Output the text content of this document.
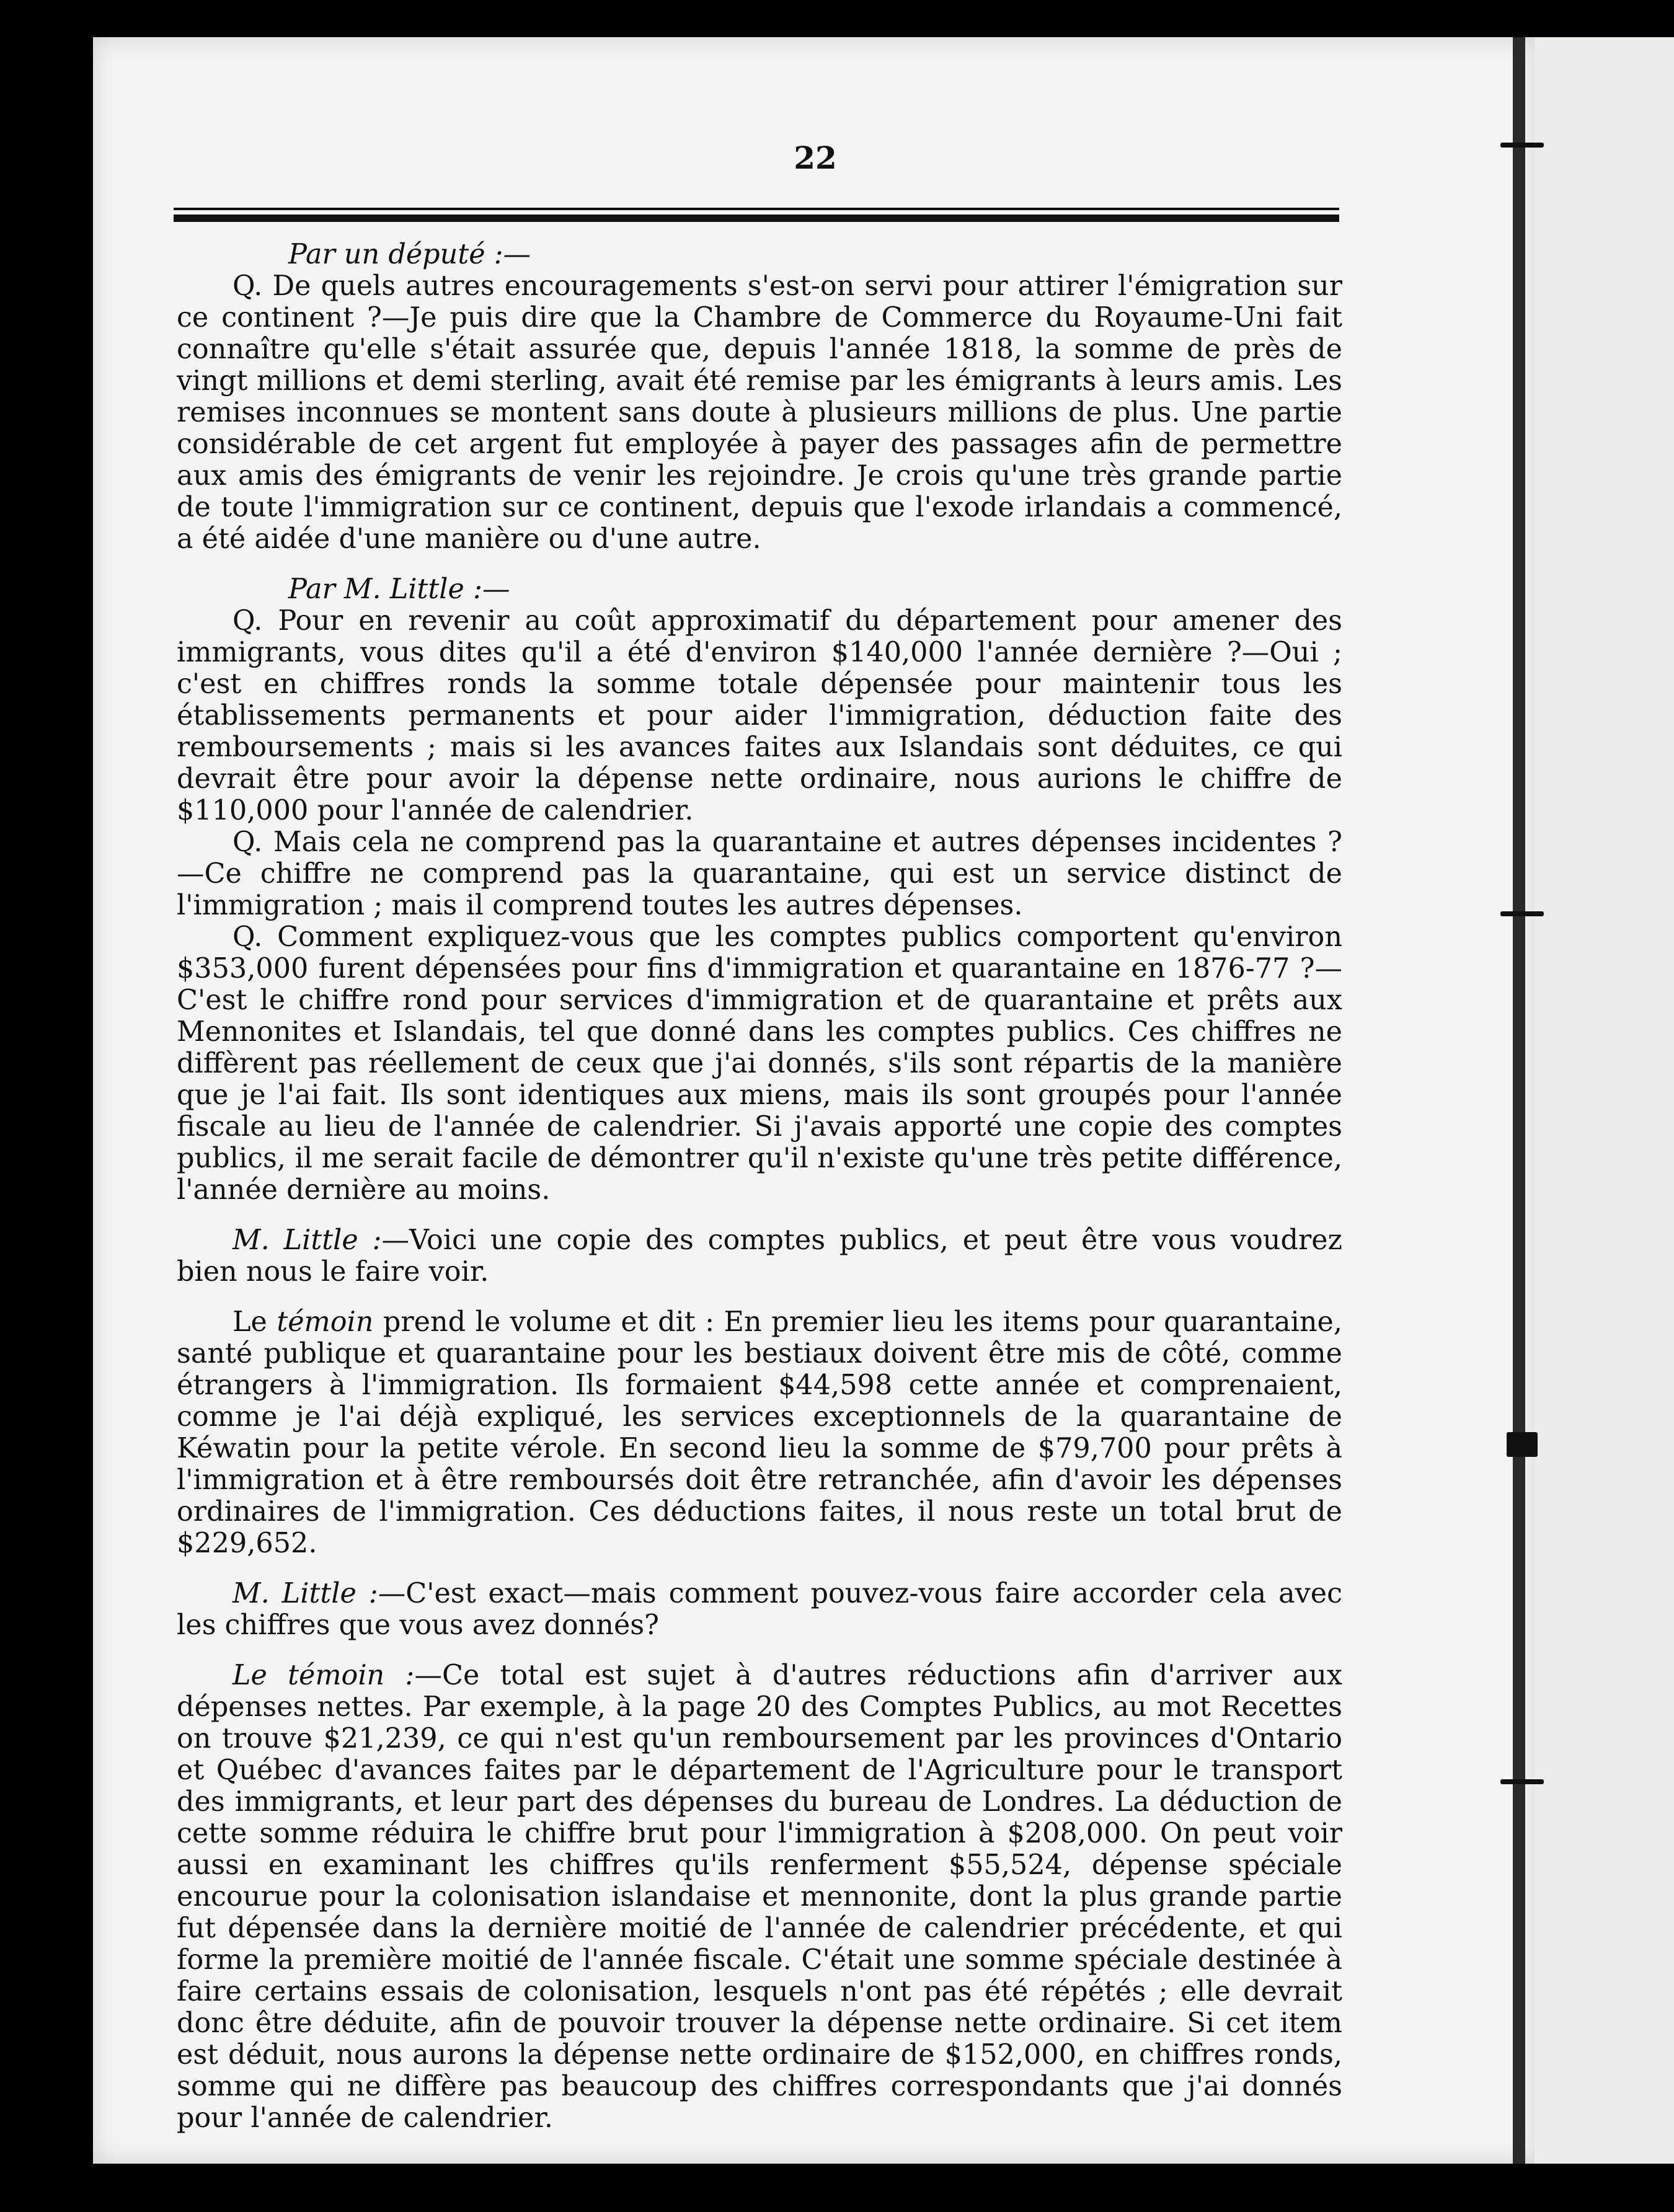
22

Par un député :—

Q. De quels autres encouragements s'est-on servi pour attirer l'émigration sur ce continent ?—Je puis dire que la Chambre de Commerce du Royaume-Uni fait connaître qu'elle s'était assurée que, depuis l'année 1818, la somme de près de vingt millions et demi sterling, avait été remise par les émigrants à leurs amis. Les remises inconnues se montent sans doute à plusieurs millions de plus. Une partie considérable de cet argent fut employée à payer des passages afin de permettre aux amis des émigrants de venir les rejoindre. Je crois qu'une très grande partie de toute l'immigration sur ce continent, depuis que l'exode irlandais a commencé, a été aidée d'une manière ou d'une autre.

Par M. Little :—

Q. Pour en revenir au coût approximatif du département pour amener des immigrants, vous dites qu'il a été d'environ $140,000 l'année dernière ?—Oui ; c'est en chiffres ronds la somme totale dépensée pour maintenir tous les établissements permanents et pour aider l'immigration, déduction faite des remboursements ; mais si les avances faites aux Islandais sont déduites, ce qui devrait être pour avoir la dépense nette ordinaire, nous aurions le chiffre de $110,000 pour l'année de calendrier.

Q. Mais cela ne comprend pas la quarantaine et autres dépenses incidentes ?—Ce chiffre ne comprend pas la quarantaine, qui est un service distinct de l'immigration ; mais il comprend toutes les autres dépenses.

Q. Comment expliquez-vous que les comptes publics comportent qu'environ $353,000 furent dépensées pour fins d'immigration et quarantaine en 1876-77 ?—C'est le chiffre rond pour services d'immigration et de quarantaine et prêts aux Mennonites et Islandais, tel que donné dans les comptes publics. Ces chiffres ne diffèrent pas réellement de ceux que j'ai donnés, s'ils sont répartis de la manière que je l'ai fait. Ils sont identiques aux miens, mais ils sont groupés pour l'année fiscale au lieu de l'année de calendrier. Si j'avais apporté une copie des comptes publics, il me serait facile de démontrer qu'il n'existe qu'une très petite différence, l'année dernière au moins.

M. Little :—Voici une copie des comptes publics, et peut être vous voudrez bien nous le faire voir.

Le témoin prend le volume et dit : En premier lieu les items pour quarantaine, santé publique et quarantaine pour les bestiaux doivent être mis de côté, comme étrangers à l'immigration. Ils formaient $44,598 cette année et comprenaient, comme je l'ai déjà expliqué, les services exceptionnels de la quarantaine de Kéwatin pour la petite vérole. En second lieu la somme de $79,700 pour prêts à l'immigration et à être remboursés doit être retranchée, afin d'avoir les dépenses ordinaires de l'immigration. Ces déductions faites, il nous reste un total brut de $229,652.

M. Little :—C'est exact—mais comment pouvez-vous faire accorder cela avec les chiffres que vous avez donnés?

Le témoin :—Ce total est sujet à d'autres réductions afin d'arriver aux dépenses nettes. Par exemple, à la page 20 des Comptes Publics, au mot Recettes on trouve $21,239, ce qui n'est qu'un remboursement par les provinces d'Ontario et Québec d'avances faites par le département de l'Agriculture pour le transport des immigrants, et leur part des dépenses du bureau de Londres. La déduction de cette somme réduira le chiffre brut pour l'immigration à $208,000. On peut voir aussi en examinant les chiffres qu'ils renferment $55,524, dépense spéciale encourue pour la colonisation islandaise et mennonite, dont la plus grande partie fut dépensée dans la dernière moitié de l'année de calendrier précédente, et qui forme la première moitié de l'année fiscale. C'était une somme spéciale destinée à faire certains essais de colonisation, lesquels n'ont pas été répétés ; elle devrait donc être déduite, afin de pouvoir trouver la dépense nette ordinaire. Si cet item est déduit, nous aurons la dépense nette ordinaire de $152,000, en chiffres ronds, somme qui ne diffère pas beaucoup des chiffres correspondants que j'ai donnés pour l'année de calendrier.
